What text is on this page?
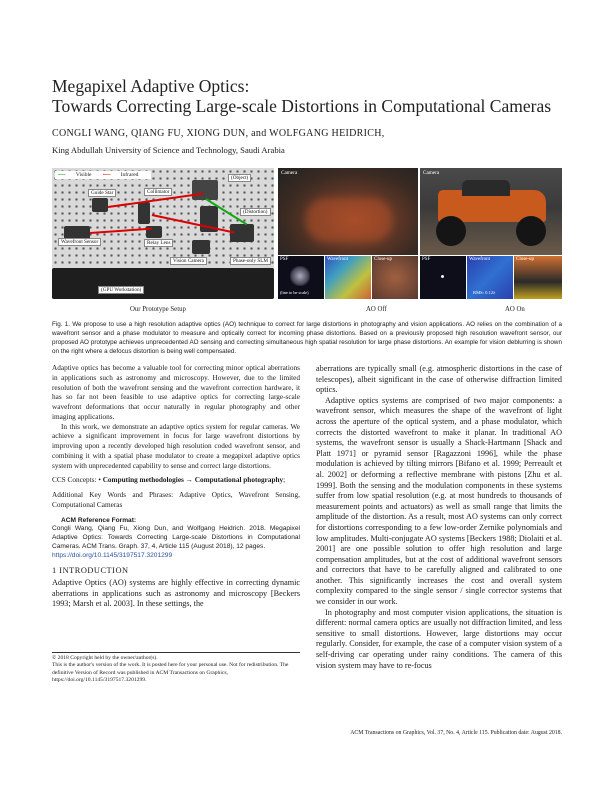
Megapixel Adaptive Optics:
Towards Correcting Large-scale Distortions in Computational Cameras
CONGLI WANG, QIANG FU, XIONG DUN, and WOLFGANG HEIDRICH,
King Abdullah University of Science and Technology, Saudi Arabia
⟵ Visible ⟵ Infrared	(Object)
Guide Star	Collimator
(Distortion)
Wavefront Sensor	Relay Lens
Vision Camera	Phase-only SLM
(GPU Workstation)
Camera	Camera
PSF
(line to be scale)
Wavefront	Close-up	PSF	Wavefront
RMS: 0.12λ
Close-up
Our Prototype Setup	AO Off	AO On
Fig. 1. We propose to use a high resolution adaptive optics (AO) technique to correct for large distortions in photography and vision applications. AO relies on the combination of a wavefront sensor and a phase modulator to measure and optically correct for incoming phase distortions. Based on a previously proposed high resolution wavefront sensor, our proposed AO prototype achieves unprecedented AO sensing and correcting simultaneous high spatial resolution for large phase distortions. An example for vision deblurring is shown on the right where a defocus distortion is being well compensated.

Adaptive optics has become a valuable tool for correcting minor optical aberrations in applications such as astronomy and microscopy. However, due to the limited resolution of both the wavefront sensing and the wavefront correction hardware, it has so far not been feasible to use adaptive optics for correcting large-scale wavefront deformations that occur naturally in regular photography and other imaging applications.

In this work, we demonstrate an adaptive optics system for regular cameras. We achieve a significant improvement in focus for large wavefront distortions by improving upon a recently developed high resolution coded wavefront sensor, and combining it with a spatial phase modulator to create a megapixel adaptive optics system with unprecedented capability to sense and correct large distortions.

CCS Concepts: • Computing methodologies → Computational photography;

Additional Key Words and Phrases: Adaptive Optics, Wavefront Sensing, Computational Cameras

ACM Reference Format:

Congli Wang, Qiang Fu, Xiong Dun, and Wolfgang Heidrich. 2018. Megapixel Adaptive Optics: Towards Correcting Large-scale Distortions in Computational Cameras. ACM Trans. Graph. 37, 4, Article 115 (August 2018), 12 pages.

https://doi.org/10.1145/3197517.3201299

1 INTRODUCTION

Adaptive Optics (AO) systems are highly effective in correcting dynamic aberrations in applications such as astronomy and microscopy [Beckers 1993; Marsh et al. 2003]. In these settings, the

© 2018 Copyright held by the owner/author(s).
This is the author's version of the work. It is posted here for your personal use. Not for redistribution. The definitive Version of Record was published in ACM Transactions on Graphics, https://doi.org/10.1145/3197517.3201299.

aberrations are typically small (e.g. atmospheric distortions in the case of telescopes), albeit significant in the case of otherwise diffraction limited optics.

Adaptive optics systems are comprised of two major components: a wavefront sensor, which measures the shape of the wavefront of light across the aperture of the optical system, and a phase modulator, which corrects the distorted wavefront to make it planar. In traditional AO systems, the wavefront sensor is usually a Shack-Hartmann [Shack and Platt 1971] or pyramid sensor [Ragazzoni 1996], while the phase modulation is achieved by tilting mirrors [Bifano et al. 1999; Perreault et al. 2002] or deforming a reflective membrane with pistons [Zhu et al. 1999]. Both the sensing and the modulation components in these systems suffer from low spatial resolution (e.g. at most hundreds to thousands of measurement points and actuators) as well as small range that limits the amplitude of the distortion. As a result, most AO systems can only correct for distortions corresponding to a few low-order Zernike polynomials and low amplitudes. Multi-conjugate AO systems [Beckers 1988; Diolaiti et al. 2001] are one possible solution to offer high resolution and large compensation amplitudes, but at the cost of additional wavefront sensors and correctors that have to be carefully aligned and calibrated to one another. This significantly increases the cost and overall system complexity compared to the single sensor / single corrector systems that we consider in our work.

In photography and most computer vision applications, the situation is different: normal camera optics are usually not diffraction limited, and less sensitive to small distortions. However, large distortions may occur regularly. Consider, for example, the case of a computer vision system of a self-driving car operating under rainy conditions. The camera of this vision system may have to re-focus

ACM Transactions on Graphics, Vol. 37, No. 4, Article 115. Publication date: August 2018.
